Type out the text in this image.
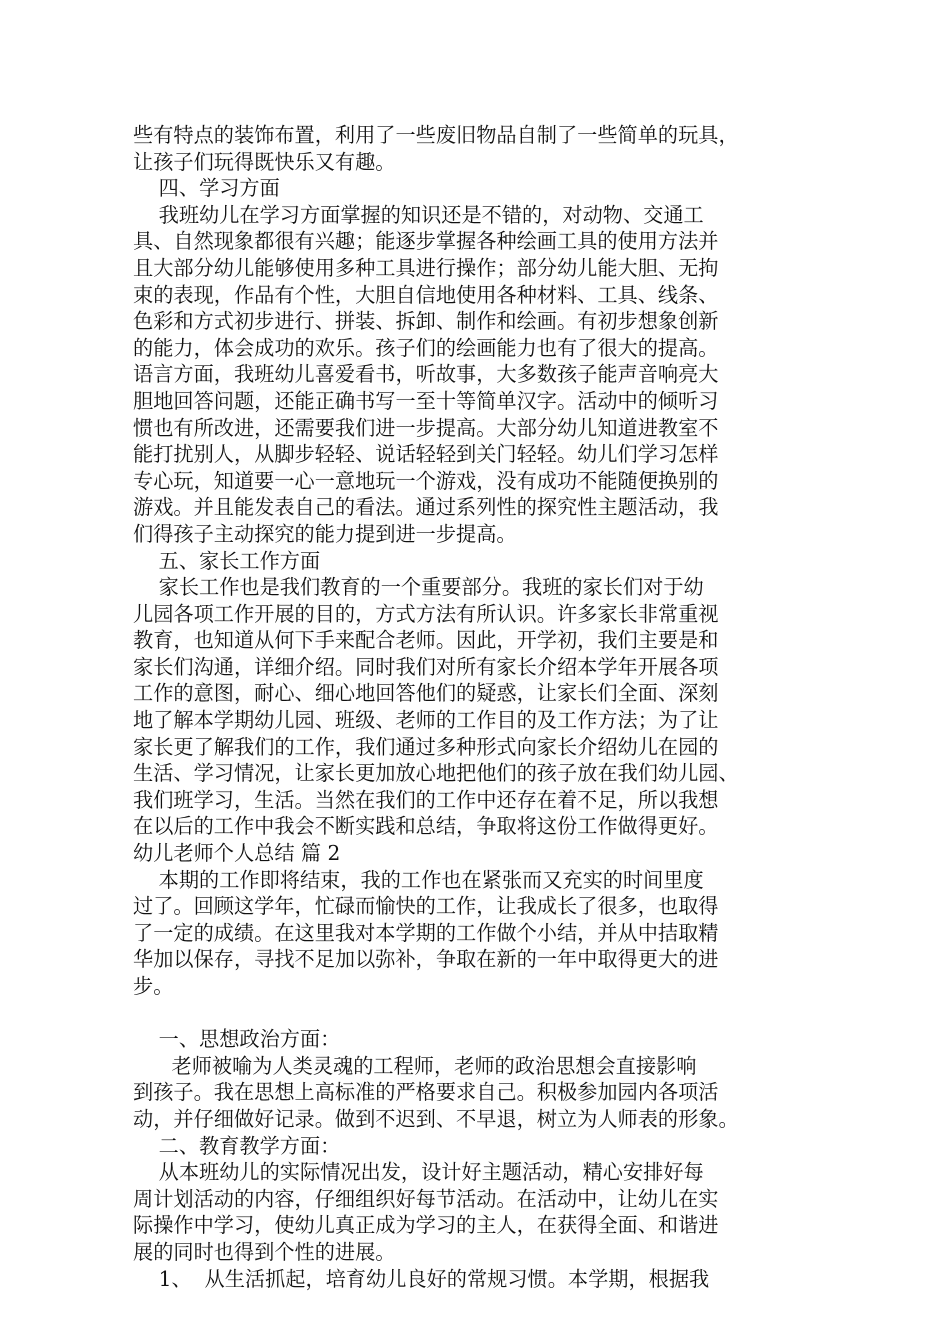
些有特点的装饰布置，利用了一些废旧物品自制了一些简单的玩具，
让孩子们玩得既快乐又有趣。
四、学习方面
我班幼儿在学习方面掌握的知识还是不错的，对动物、交通工
具、自然现象都很有兴趣；能逐步掌握各种绘画工具的使用方法并
且大部分幼儿能够使用多种工具进行操作；部分幼儿能大胆、无拘
束的表现，作品有个性，大胆自信地使用各种材料、工具、线条、
色彩和方式初步进行、拼装、拆卸、制作和绘画。有初步想象创新
的能力，体会成功的欢乐。孩子们的绘画能力也有了很大的提高。
语言方面，我班幼儿喜爱看书，听故事，大多数孩子能声音响亮大
胆地回答问题，还能正确书写一至十等简单汉字。活动中的倾听习
惯也有所改进，还需要我们进一步提高。大部分幼儿知道进教室不
能打扰别人，从脚步轻轻、说话轻轻到关门轻轻。幼儿们学习怎样
专心玩，知道要一心一意地玩一个游戏，没有成功不能随便换别的
游戏。并且能发表自己的看法。通过系列性的探究性主题活动，我
们得孩子主动探究的能力提到进一步提高。
五、家长工作方面
家长工作也是我们教育的一个重要部分。我班的家长们对于幼
儿园各项工作开展的目的，方式方法有所认识。许多家长非常重视
教育，也知道从何下手来配合老师。因此，开学初，我们主要是和
家长们沟通，详细介绍。同时我们对所有家长介绍本学年开展各项
工作的意图，耐心、细心地回答他们的疑惑，让家长们全面、深刻
地了解本学期幼儿园、班级、老师的工作目的及工作方法；为了让
家长更了解我们的工作，我们通过多种形式向家长介绍幼儿在园的
生活、学习情况，让家长更加放心地把他们的孩子放在我们幼儿园、
我们班学习，生活。当然在我们的工作中还存在着不足，所以我想
在以后的工作中我会不断实践和总结，争取将这份工作做得更好。
幼儿老师个人总结 篇 2
本期的工作即将结束，我的工作也在紧张而又充实的时间里度
过了。回顾这学年，忙碌而愉快的工作，让我成长了很多，也取得
了一定的成绩。在这里我对本学期的工作做个小结，并从中拮取精
华加以保存，寻找不足加以弥补，争取在新的一年中取得更大的进
步。
一、思想政治方面：
老师被喻为人类灵魂的工程师，老师的政治思想会直接影响
到孩子。我在思想上高标准的严格要求自己。积极参加园内各项活
动，并仔细做好记录。做到不迟到、不早退，树立为人师表的形象。
二、教育教学方面：
从本班幼儿的实际情况出发，设计好主题活动，精心安排好每
周计划活动的内容，仔细组织好每节活动。在活动中，让幼儿在实
际操作中学习，使幼儿真正成为学习的主人，在获得全面、和谐进
展的同时也得到个性的进展。
1、  从生活抓起，培育幼儿良好的常规习惯。本学期，根据我
